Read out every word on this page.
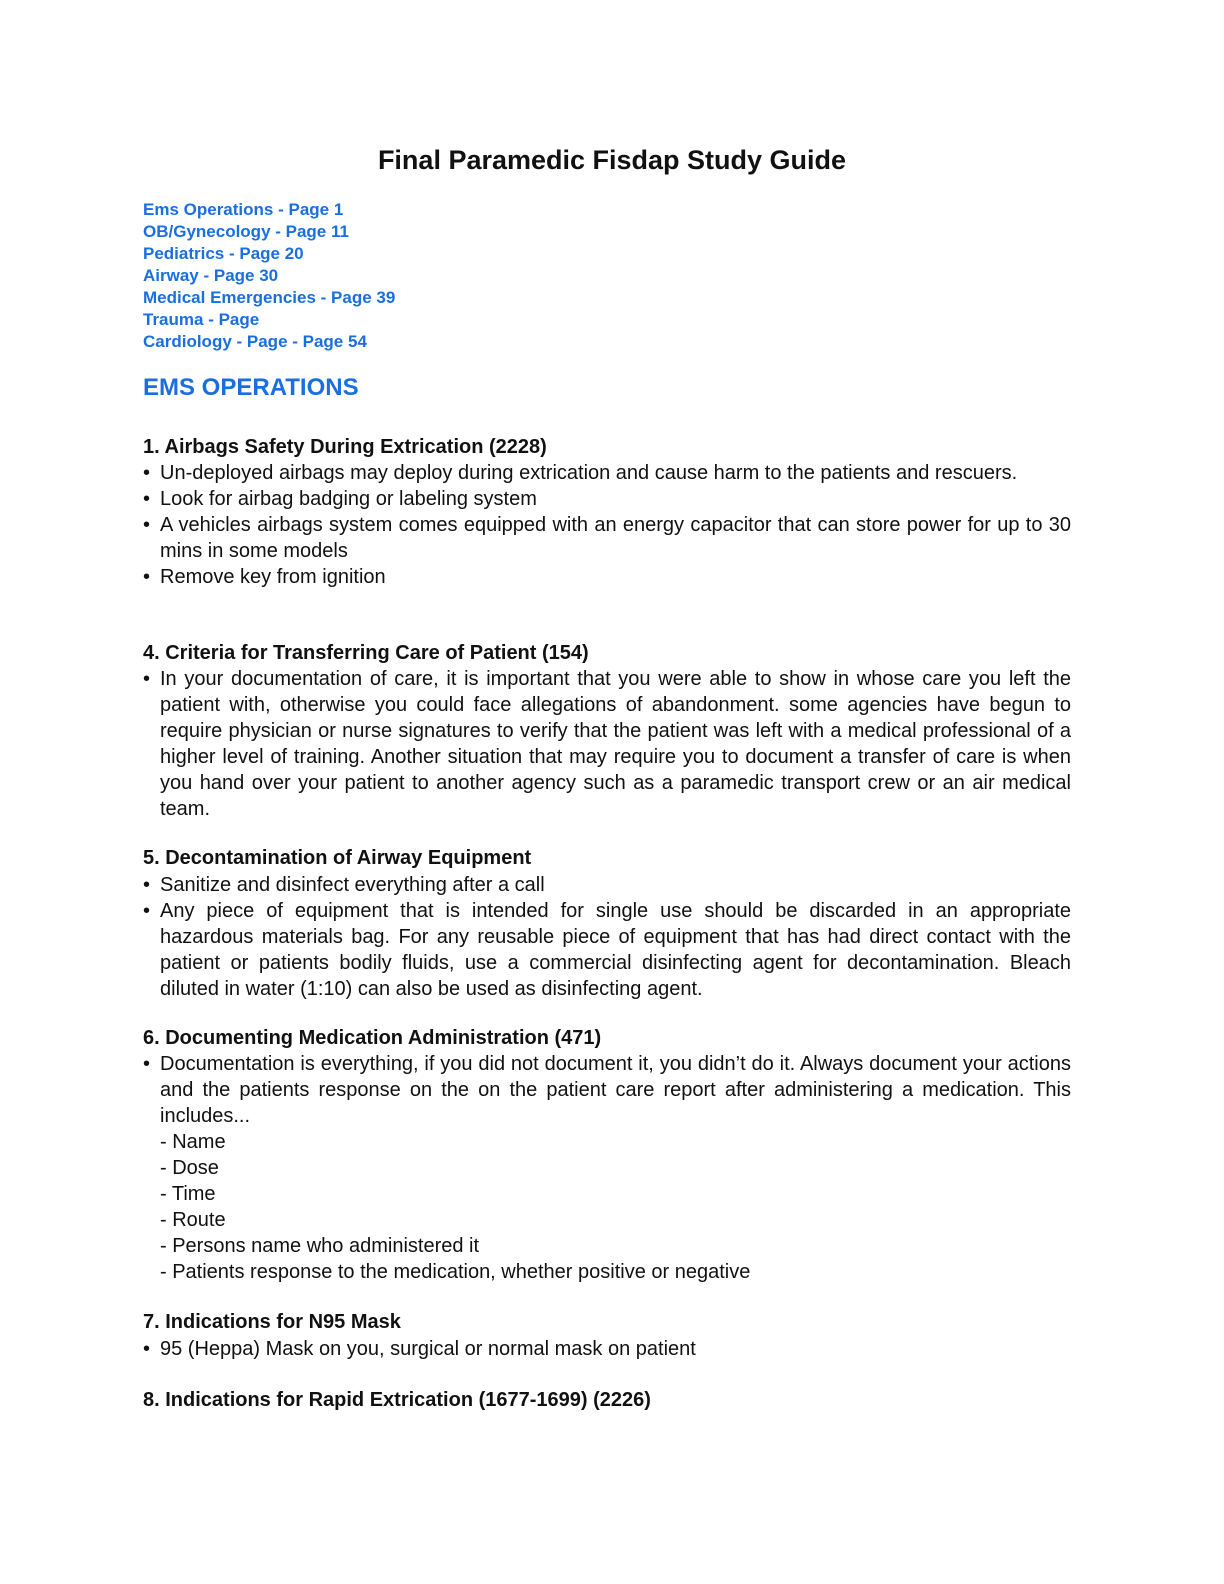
Final Paramedic Fisdap Study Guide
Ems Operations - Page 1
OB/Gynecology - Page 11
Pediatrics - Page 20
Airway - Page 30
Medical Emergencies - Page 39
Trauma - Page
Cardiology - Page - Page 54
EMS OPERATIONS
1. Airbags Safety During Extrication (2228)
• Un-deployed airbags may deploy during extrication and cause harm to the patients and rescuers.
• Look for airbag badging or labeling system
• A vehicles airbags system comes equipped with an energy capacitor that can store power for up to 30 mins in some models
• Remove key from ignition
4. Criteria for Transferring Care of Patient (154)
• In your documentation of care, it is important that you were able to show in whose care you left the patient with, otherwise you could face allegations of abandonment. some agencies have begun to require physician or nurse signatures to verify that the patient was left with a medical professional of a higher level of training. Another situation that may require you to document a transfer of care is when you hand over your patient to another agency such as a paramedic transport crew or an air medical team.
5. Decontamination of Airway Equipment
• Sanitize and disinfect everything after a call
• Any piece of equipment that is intended for single use should be discarded in an appropriate hazardous materials bag. For any reusable piece of equipment that has had direct contact with the patient or patients bodily fluids, use a commercial disinfecting agent for decontamination. Bleach diluted in water (1:10) can also be used as disinfecting agent.
6. Documenting Medication Administration (471)
• Documentation is everything, if you did not document it, you didn’t do it. Always document your actions and the patients response on the on the patient care report after administering a medication. This includes...
- Name
- Dose
- Time
- Route
- Persons name who administered it
- Patients response to the medication, whether positive or negative
7. Indications for N95 Mask
• 95 (Heppa) Mask on you, surgical or normal mask on patient
8. Indications for Rapid Extrication (1677-1699) (2226)
